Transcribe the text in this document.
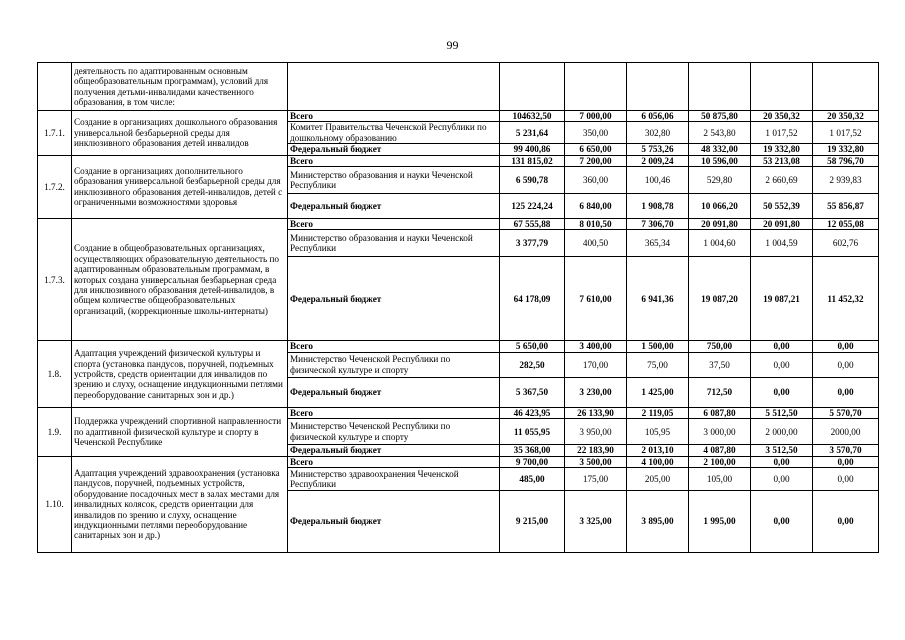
99
	деятельность по адаптированным основным общеобразовательным программам), условий для получения детьми-инвалидами качественного образования, в том числе:							
1.7.1.	Создание в организациях дошкольного образования универсальной безбарьерной среды для инклюзивного образования детей инвалидов	Всего	104632,50	7 000,00	6 056,06	50 875,80	20 350,32	20 350,32
		Комитет Правительства Чеченской Республики по дошкольному образованию	5 231,64	350,00	302,80	2 543,80	1 017,52	1 017,52
		Федеральный бюджет	99 400,86	6 650,00	5 753,26	48 332,00	19 332,80	19 332,80
1.7.2.	Создание в организациях дополнительного образования универсальной безбарьерной среды для инклюзивного образования детей-инвалидов, детей с ограниченными возможностями здоровья	Всего	131 815,02	7 200,00	2 009,24	10 596,00	53 213,08	58 796,70
		Министерство образования и науки Чеченской Республики	6 590,78	360,00	100,46	529,80	2 660,69	2 939,83
		Федеральный бюджет	125 224,24	6 840,00	1 908,78	10 066,20	50 552,39	55 856,87
1.7.3.	Создание в общеобразовательных организациях, осуществляющих образовательную деятельность по адаптированным образовательным программам, в которых создана универсальная безбарьерная среда для инклюзивного образования детей-инвалидов, в общем количестве общеобразовательных организаций, (коррекционные школы-интернаты)	Всего	67 555,88	8 010,50	7 306,70	20 091,80	20 091,80	12 055,08
		Министерство образования и науки Чеченской Республики	3 377,79	400,50	365,34	1 004,60	1 004,59	602,76
		Федеральный бюджет	64 178,09	7 610,00	6 941,36	19 087,20	19 087,21	11 452,32
1.8.	Адаптация учреждений физической культуры и спорта (установка пандусов, поручней, подъемных устройств, средств ориентации для инвалидов по зрению и слуху, оснащение индукционными петлями переоборудование санитарных зон и др.)	Всего	5 650,00	3 400,00	1 500,00	750,00	0,00	0,00
		Министерство Чеченской Республики по физической культуре и спорту	282,50	170,00	75,00	37,50	0,00	0,00
		Федеральный бюджет	5 367,50	3 230,00	1 425,00	712,50	0,00	0,00
1.9.	Поддержка учреждений спортивной направленности по адаптивной физической культуре и спорту в Чеченской Республике	Всего	46 423,95	26 133,90	2 119,05	6 087,80	5 512,50	5 570,70
		Министерство Чеченской Республики по физической культуре и спорту	11 055,95	3 950,00	105,95	3 000,00	2 000,00	2000,00
		Федеральный бюджет	35 368,00	22 183,90	2 013,10	4 087,80	3 512,50	3 570,70
1.10.	Адаптация учреждений здравоохранения (установка пандусов, поручней, подъемных устройств, оборудование посадочных мест в залах местами для инвалидных колясок, средств ориентации для инвалидов по зрению и слуху, оснащение индукционными петлями переоборудование санитарных зон и др.)	Всего	9 700,00	3 500,00	4 100,00	2 100,00	0,00	0,00
		Министерство здравоохранения Чеченской Республики	485,00	175,00	205,00	105,00	0,00	0,00
		Федеральный бюджет	9 215,00	3 325,00	3 895,00	1 995,00	0,00	0,00
